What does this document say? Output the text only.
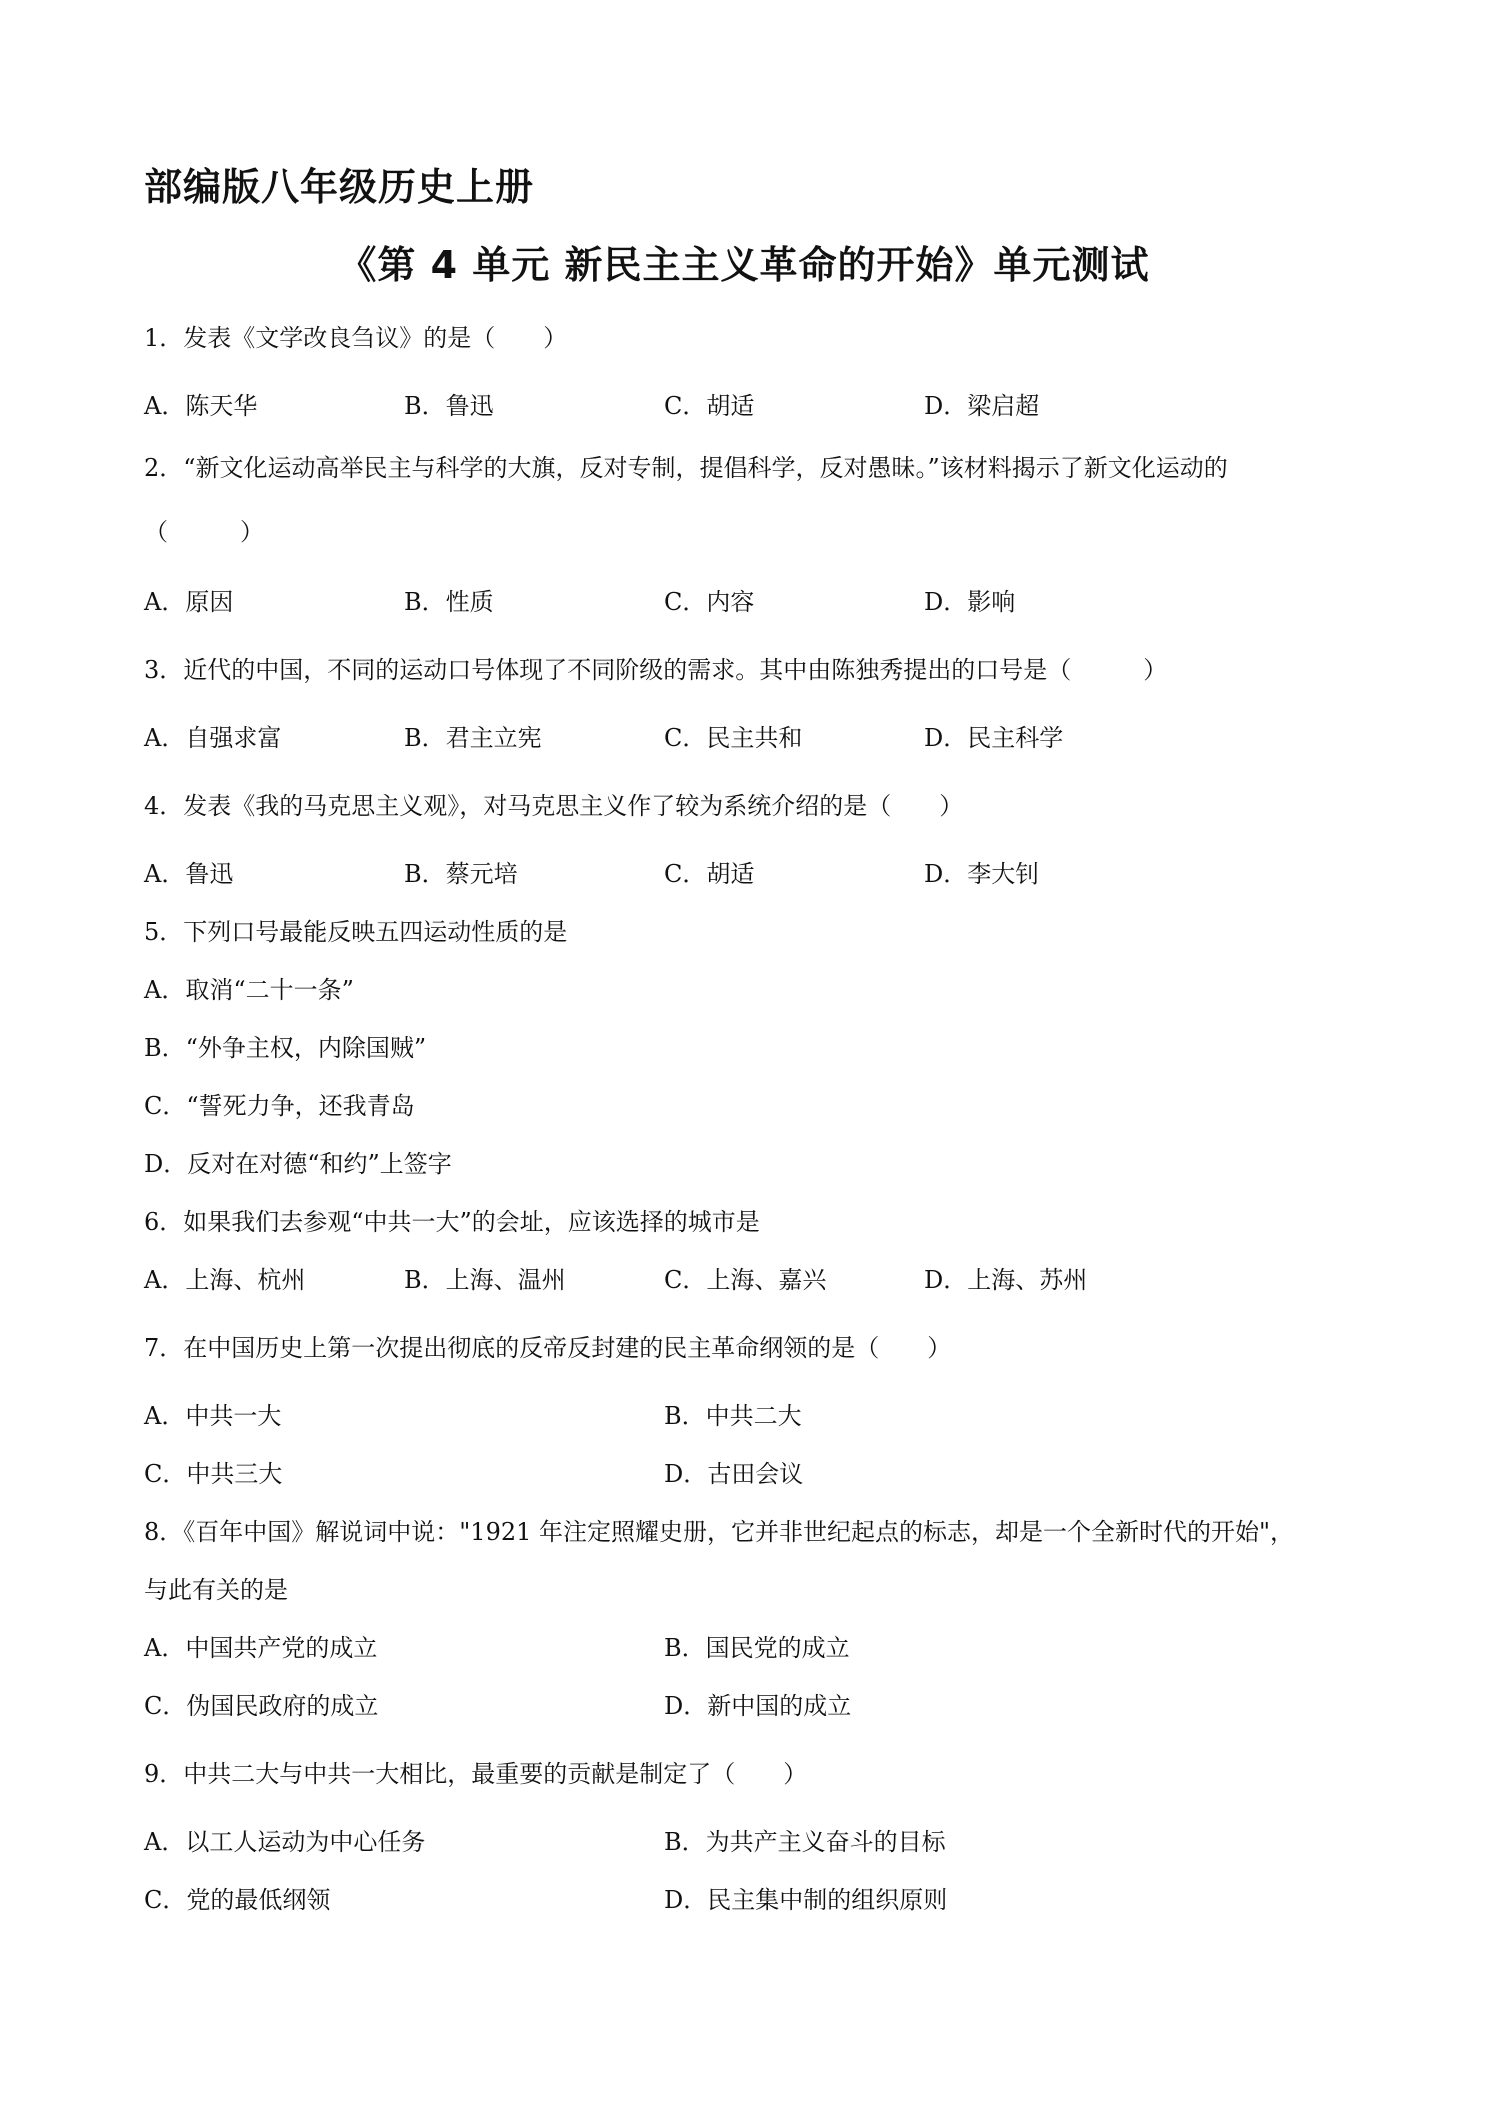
部编版八年级历史上册
《第 4 单元 新民主主义革命的开始》单元测试
1．发表《文学改良刍议》的是（　　）
A．陈天华	B．鲁迅	C．胡适	D．梁启超
2．“新文化运动高举民主与科学的大旗，反对专制，提倡科学，反对愚昧。”该材料揭示了新文化运动的
（　　　）
A．原因	B．性质	C．内容	D．影响
3．近代的中国，不同的运动口号体现了不同阶级的需求。其中由陈独秀提出的口号是（　　　）
A．自强求富	B．君主立宪	C．民主共和	D．民主科学
4．发表《我的马克思主义观》，对马克思主义作了较为系统介绍的是（　　）
A．鲁迅	B．蔡元培	C．胡适	D．李大钊
5．下列口号最能反映五四运动性质的是
A．取消“二十一条”
B．“外争主权，内除国贼”
C．“誓死力争，还我青岛
D．反对在对德“和约”上签字
6．如果我们去参观“中共一大”的会址，应该选择的城市是
A．上海、杭州	B．上海、温州	C．上海、嘉兴	D．上海、苏州
7．在中国历史上第一次提出彻底的反帝反封建的民主革命纲领的是（　　）
A．中共一大	B．中共二大
C．中共三大	D．古田会议
8．《百年中国》解说词中说："1921 年注定照耀史册，它并非世纪起点的标志，却是一个全新时代的开始"，
与此有关的是
A．中国共产党的成立	B．国民党的成立
C．伪国民政府的成立	D．新中国的成立
9．中共二大与中共一大相比，最重要的贡献是制定了（　　）
A．以工人运动为中心任务	B．为共产主义奋斗的目标
C．党的最低纲领	D．民主集中制的组织原则
